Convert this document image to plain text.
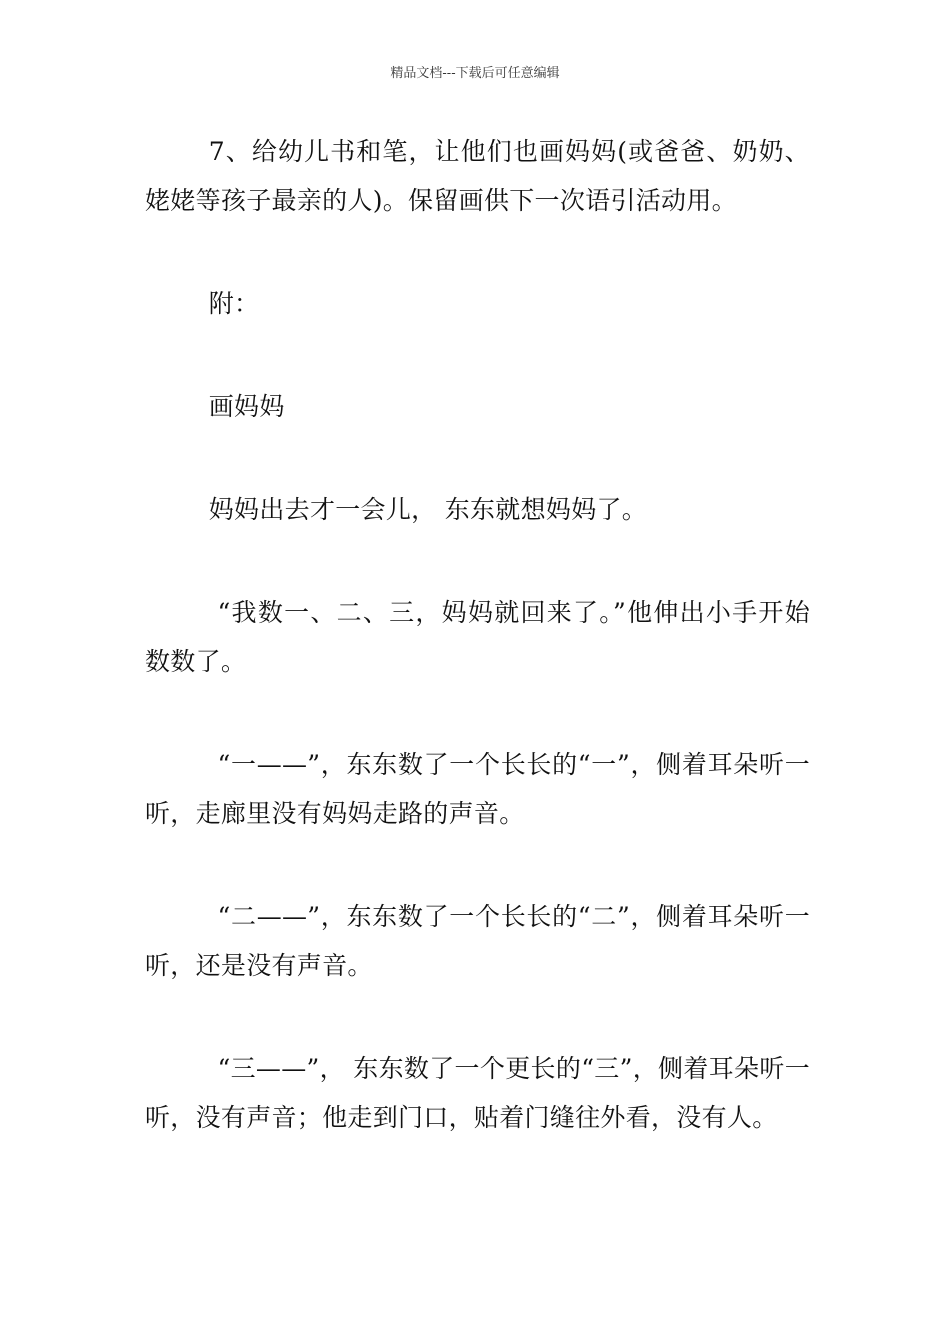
精品文档---下载后可任意编辑

7、给幼儿书和笔，让他们也画妈妈(或爸爸、奶奶、姥姥等孩子最亲的人)。保留画供下一次语引活动用。

附：

画妈妈

妈妈出去才一会儿， 东东就想妈妈了。

“我数一、二、三，妈妈就回来了。”他伸出小手开始数数了。

“一——”，东东数了一个长长的“一”，侧着耳朵听一听，走廊里没有妈妈走路的声音。

“二——”，东东数了一个长长的“二”，侧着耳朵听一听，还是没有声音。

“三——”， 东东数了一个更长的“三”，侧着耳朵听一听，没有声音；他走到门口，贴着门缝往外看，没有人。
